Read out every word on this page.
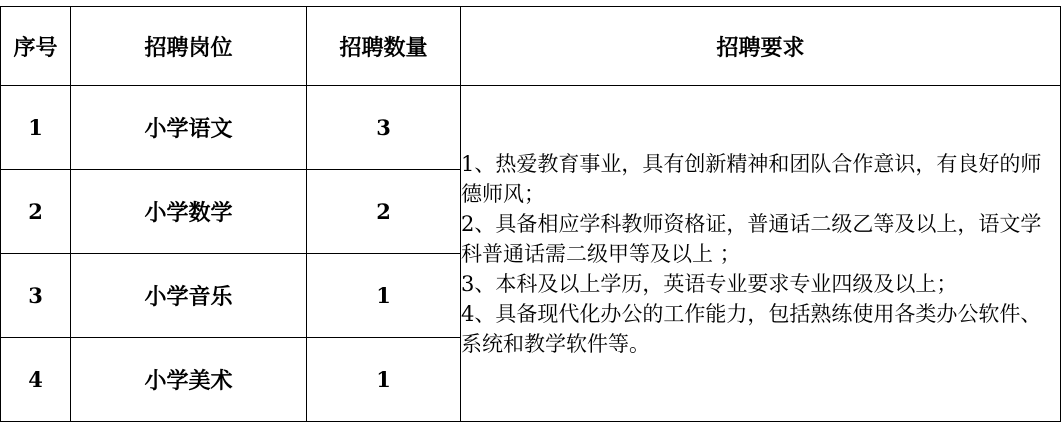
序号	招聘岗位	招聘数量	招聘要求
1	小学语文	3	1、热爱教育事业，具有创新精神和团队合作意识，有良好的师德师风；

2、具备相应学科教师资格证，普通话二级乙等及以上，语文学科普通话需二级甲等及以上 ；

3、本科及以上学历，英语专业要求专业四级及以上；

4、具备现代化办公的工作能力，包括熟练使用各类办公软件、系统和教学软件等。

2	小学数学	2	
3	小学音乐	1	
4	小学美术	1	
